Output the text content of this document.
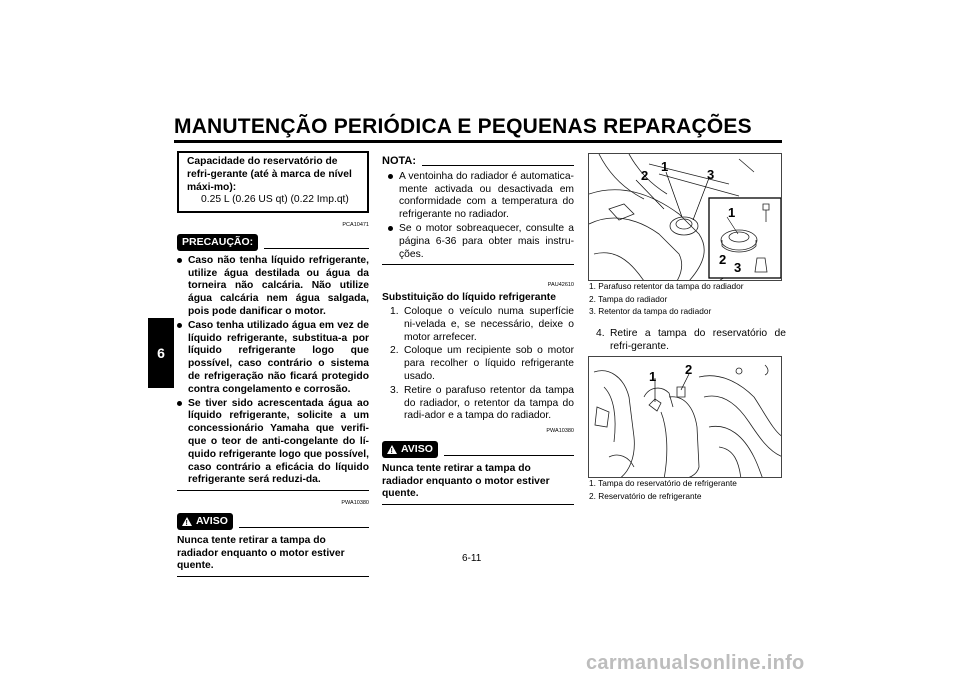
MANUTENÇÃO PERIÓDICA E PEQUENAS REPARAÇÕES
6
Capacidade do reservatório de refri-gerante (até à marca de nível máxi-mo):
0.25 L (0.26 US qt) (0.22 Imp.qt)
PCA10471
PRECAUÇÃO:
Caso não tenha líquido refrigerante, utilize água destilada ou água da torneira não calcária. Não utilize água calcária nem água salgada, pois pode danificar o motor.
Caso tenha utilizado água em vez de líquido refrigerante, substitua-a por líquido refrigerante logo que possível, caso contrário o sistema de refrigeração não ficará protegido contra congelamento e corrosão.
Se tiver sido acrescentada água ao líquido refrigerante, solicite a um concessionário Yamaha que verifi-que o teor de anti-congelante do lí-quido refrigerante logo que possível, caso contrário a eficácia do líquido refrigerante será reduzi-da.
PWA10380
!
AVISO
Nunca tente retirar a tampa do radiador enquanto o motor estiver quente.
NOTA:
A ventoinha do radiador é automatica-mente activada ou desactivada em conformidade com a temperatura do refrigerante no radiador.
Se o motor sobreaquecer, consulte a página 6-36 para obter mais instru-ções.
PAU42610
Substituição do líquido refrigerante
1. Coloque o veículo numa superfície ni-velada e, se necessário, deixe o motor arrefecer.
2. Coloque um recipiente sob o motor para recolher o líquido refrigerante usado.
3. Retire o parafuso retentor da tampa do radiador, o retentor da tampa do radi-ador e a tampa do radiador.
PWA10380
!
AVISO
Nunca tente retirar a tampa do radiador enquanto o motor estiver quente.
2
1
3
1
2
3
1. Parafuso retentor da tampa do radiador
2. Tampa do radiador
3. Retentor da tampa do radiador
4. Retire a tampa do reservatório de refri-gerante.
1 2
1. Tampa do reservatório de refrigerante
2. Reservatório de refrigerante
6-11
carmanualsonline.info
